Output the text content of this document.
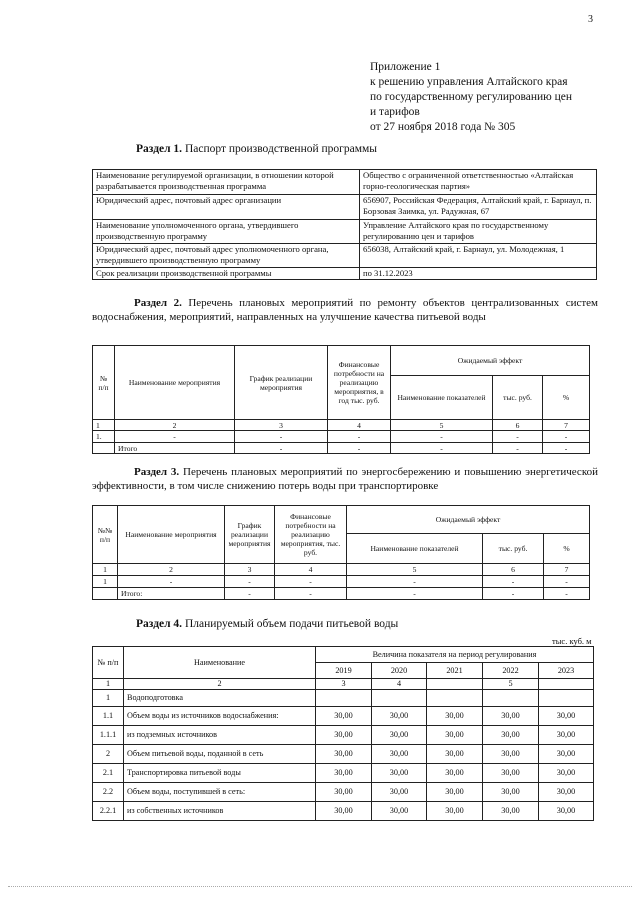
3
Приложение 1
к решению управления Алтайского края
по государственному регулированию цен
и тарифов
от 27 ноября 2018 года № 305
Раздел 1. Паспорт производственной программы
Наименование регулируемой организации, в отношении которой разрабатывается производственная программа	Общество с ограниченной ответственностью «Алтайская горно-геологическая партия»
Юридический адрес, почтовый адрес организации	656907, Российская Федерация, Алтайский край, г. Барнаул, п. Борзовая Заимка, ул. Радужная, 67
Наименование уполномоченного органа, утвердившего производственную программу	Управление Алтайского края по государственному регулированию цен и тарифов
Юридический адрес, почтовый адрес уполномоченного органа, утвердившего производственную программу	656038, Алтайский край, г. Барнаул, ул. Молодежная, 1
Срок реализации производственной программы	по 31.12.2023
Раздел 2. Перечень плановых мероприятий по ремонту объектов централизованных систем водоснабжения, мероприятий, направленных на улучшение качества питьевой воды
№ п/п	Наименование мероприятия	График реализации мероприятия	Финансовые потребности на реализацию мероприятия, в год тыс. руб.	Ожидаемый эффект		
				Наименование показателей	тыс. руб.	%
1	2	3	4	5	6	7
1.	-	-	-	-	-	-
	Итого	-	-	-	-	-
Раздел 3. Перечень плановых мероприятий по энергосбережению и повышению энергетической эффективности, в том числе снижению потерь воды при транспортировке
№№ п/п	Наименование мероприятия	График реализации мероприятия	Финансовые потребности на реализацию мероприятия, тыс. руб.	Ожидаемый эффект		
				Наименование показателей	тыс. руб.	%
1	2	3	4	5	6	7
1	-	-	-	-	-	-
	Итого:	-	-	-	-	-
Раздел 4. Планируемый объем подачи питьевой воды
тыс. куб. м
№ п/п	Наименование	Величина показателя на период регулирования				
		2019	2020	2021	2022	2023
1	2	3	4		5	
1	Водоподготовка					
1.1	Объем воды из источников водоснабжения:	30,00	30,00	30,00	30,00	30,00
1.1.1	из подземных источников	30,00	30,00	30,00	30,00	30,00
2	Объем питьевой воды, поданной в сеть	30,00	30,00	30,00	30,00	30,00
2.1	Транспортировка питьевой воды	30,00	30,00	30,00	30,00	30,00
2.2	Объем воды, поступившей в сеть:	30,00	30,00	30,00	30,00	30,00
2.2.1	из собственных источников	30,00	30,00	30,00	30,00	30,00
